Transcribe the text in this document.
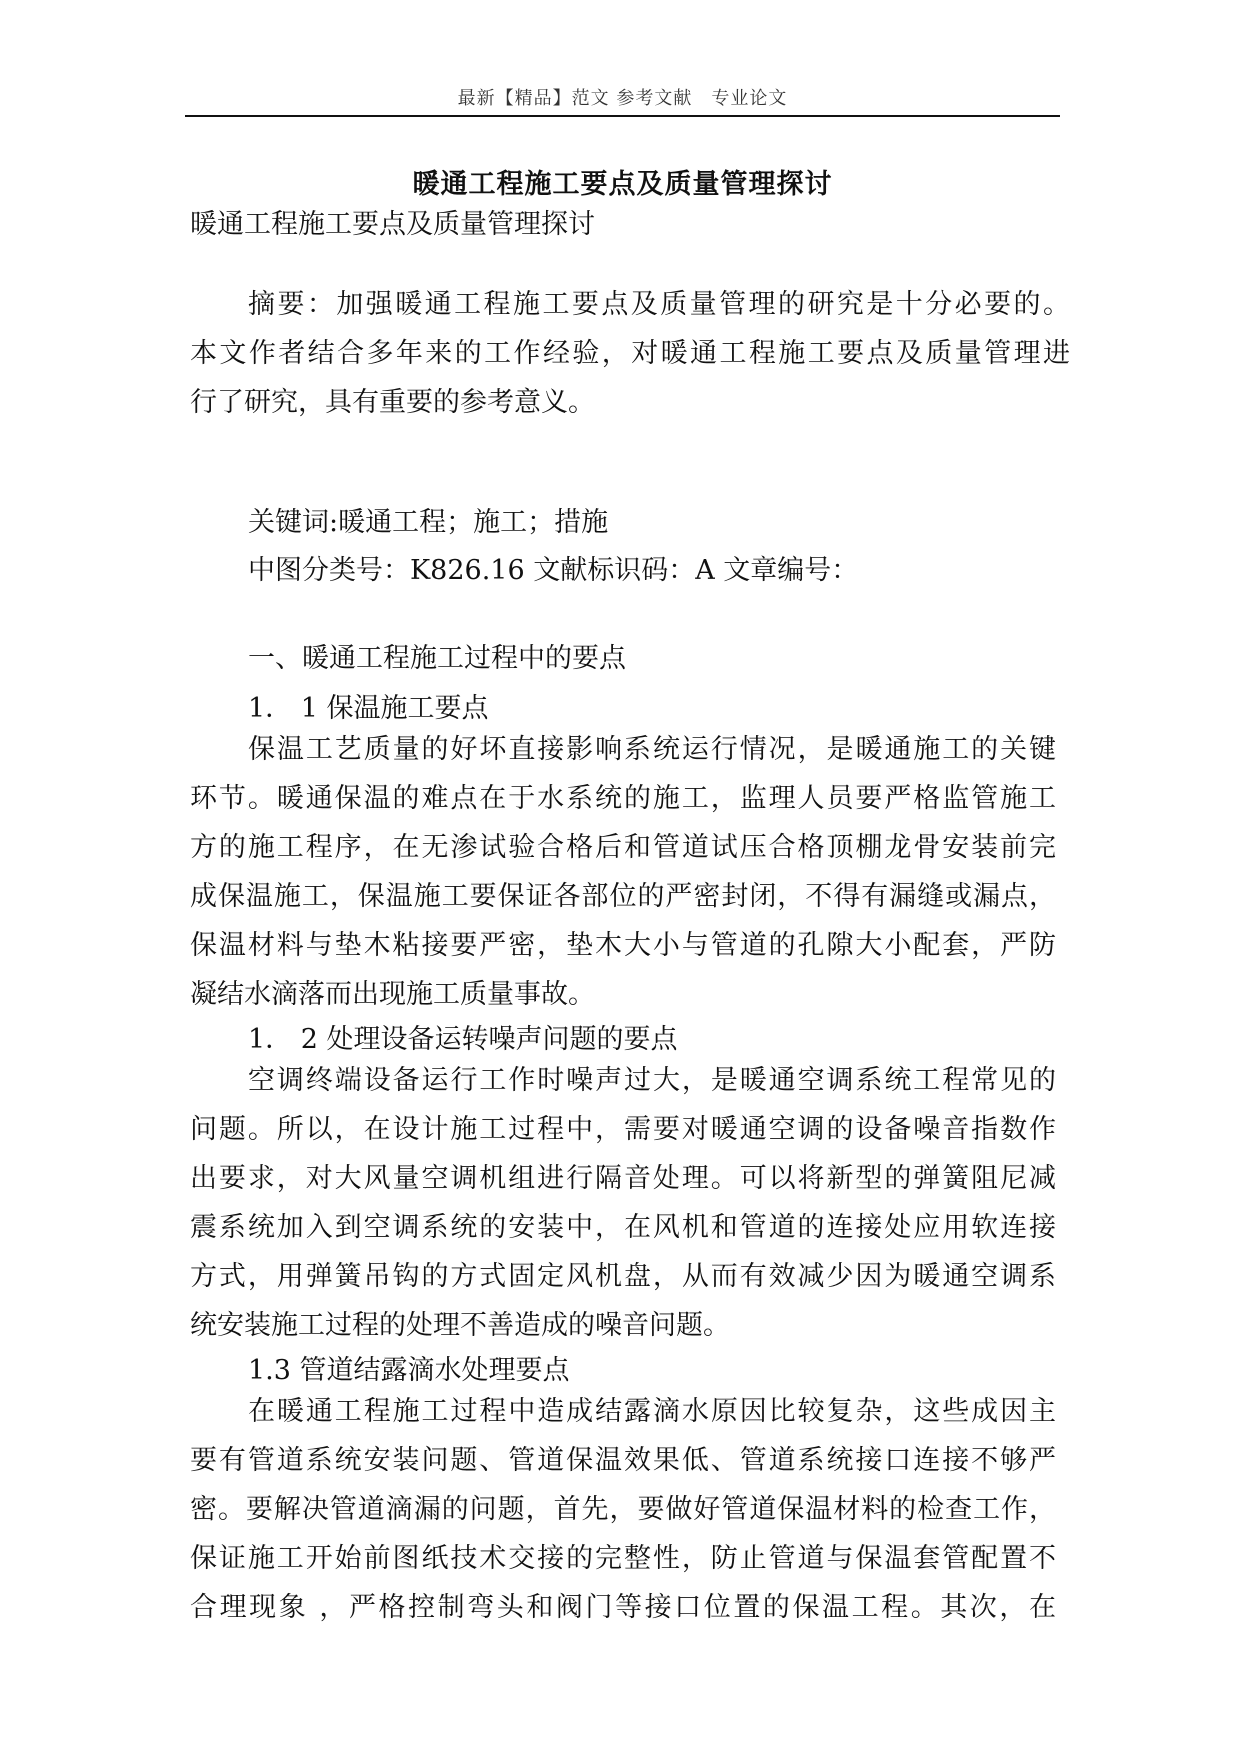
最新【精品】范文 参考文献　专业论文
暖通工程施工要点及质量管理探讨
暖通工程施工要点及质量管理探讨
摘要：加强暖通工程施工要点及质量管理的研究是十分必要的。
本文作者结合多年来的工作经验，对暖通工程施工要点及质量管理进
行了研究，具有重要的参考意义。
关键词:暖通工程；施工；措施
中图分类号：K826.16 文献标识码：A 文章编号：
一、暖通工程施工过程中的要点
1． 1 保温施工要点
保温工艺质量的好坏直接影响系统运行情况，是暖通施工的关键
环节。暖通保温的难点在于水系统的施工，监理人员要严格监管施工
方的施工程序，在无渗试验合格后和管道试压合格顶棚龙骨安装前完
成保温施工，保温施工要保证各部位的严密封闭，不得有漏缝或漏点，
保温材料与垫木粘接要严密，垫木大小与管道的孔隙大小配套，严防
凝结水滴落而出现施工质量事故。
1． 2 处理设备运转噪声问题的要点
空调终端设备运行工作时噪声过大，是暖通空调系统工程常见的
问题。所以，在设计施工过程中，需要对暖通空调的设备噪音指数作
出要求，对大风量空调机组进行隔音处理。可以将新型的弹簧阻尼减
震系统加入到空调系统的安装中，在风机和管道的连接处应用软连接
方式，用弹簧吊钩的方式固定风机盘，从而有效减少因为暖通空调系
统安装施工过程的处理不善造成的噪音问题。
1.3 管道结露滴水处理要点
在暖通工程施工过程中造成结露滴水原因比较复杂，这些成因主
要有管道系统安装问题、管道保温效果低、管道系统接口连接不够严
密。要解决管道滴漏的问题，首先，要做好管道保温材料的检查工作，
保证施工开始前图纸技术交接的完整性，防止管道与保温套管配置不
合理现象 ，严格控制弯头和阀门等接口位置的保温工程。其次，在
